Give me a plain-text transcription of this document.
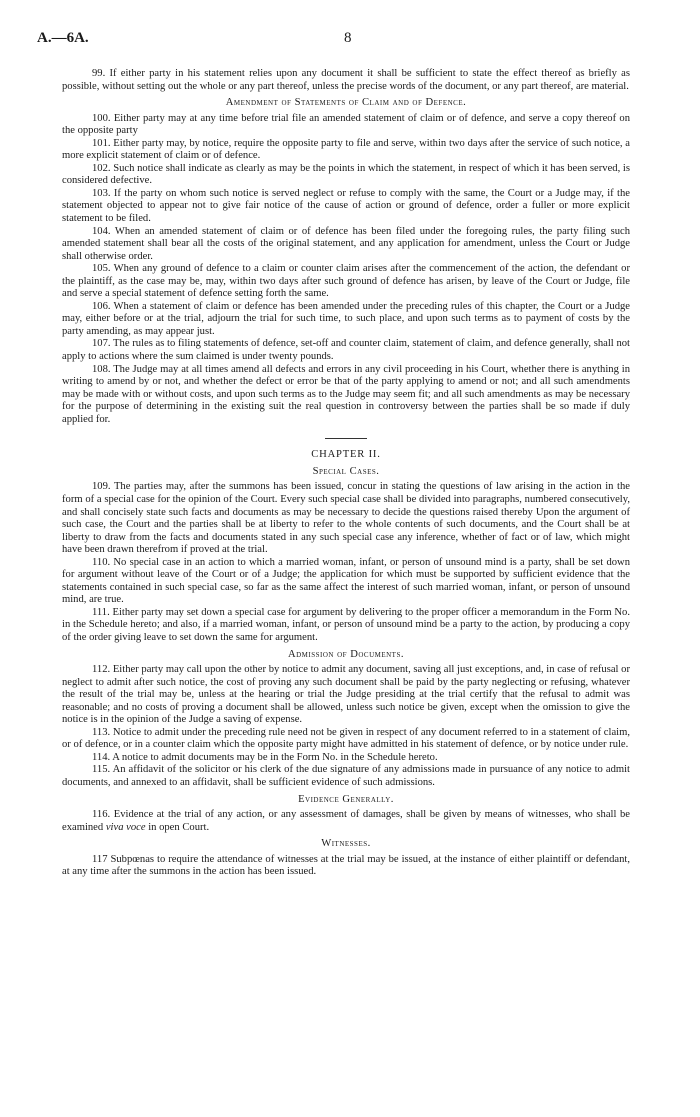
A.—6A.	8

99. If either party in his statement relies upon any document it shall be sufficient to state the effect thereof as briefly as possible, without setting out the whole or any part thereof, unless the precise words of the document, or any part thereof, are material.

Amendment of Statements of Claim and of Defence.

100. Either party may at any time before trial file an amended statement of claim or of defence, and serve a copy thereof on the opposite party

101. Either party may, by notice, require the opposite party to file and serve, within two days after the service of such notice, a more explicit statement of claim or of defence.

102. Such notice shall indicate as clearly as may be the points in which the statement, in respect of which it has been served, is considered defective.

103. If the party on whom such notice is served neglect or refuse to comply with the same, the Court or a Judge may, if the statement objected to appear not to give fair notice of the cause of action or ground of defence, order a fuller or more explicit statement to be filed.

104. When an amended statement of claim or of defence has been filed under the foregoing rules, the party filing such amended statement shall bear all the costs of the original statement, and any application for amendment, unless the Court or Judge shall otherwise order.

105. When any ground of defence to a claim or counter claim arises after the commencement of the action, the defendant or the plaintiff, as the case may be, may, within two days after such ground of defence has arisen, by leave of the Court or Judge, file and serve a special statement of defence setting forth the same.

106. When a statement of claim or defence has been amended under the preceding rules of this chapter, the Court or a Judge may, either before or at the trial, adjourn the trial for such time, to such place, and upon such terms as to payment of costs by the party amending, as may appear just.

107. The rules as to filing statements of defence, set-off and counter claim, statement of claim, and defence generally, shall not apply to actions where the sum claimed is under twenty pounds.

108. The Judge may at all times amend all defects and errors in any civil proceeding in his Court, whether there is anything in writing to amend by or not, and whether the defect or error be that of the party applying to amend or not; and all such amendments may be made with or without costs, and upon such terms as to the Judge may seem fit; and all such amendments as may be necessary for the purpose of determining in the existing suit the real question in controversy between the parties shall be so made if duly applied for.

CHAPTER II.

Special Cases.

109. The parties may, after the summons has been issued, concur in stating the questions of law arising in the action in the form of a special case for the opinion of the Court. Every such special case shall be divided into paragraphs, numbered consecutively, and shall concisely state such facts and documents as may be necessary to decide the questions raised thereby Upon the argument of such case, the Court and the parties shall be at liberty to refer to the whole contents of such documents, and the Court shall be at liberty to draw from the facts and documents stated in any such special case any inference, whether of fact or of law, which might have been drawn therefrom if proved at the trial.

110. No special case in an action to which a married woman, infant, or person of unsound mind is a party, shall be set down for argument without leave of the Court or of a Judge; the application for which must be supported by sufficient evidence that the statements contained in such special case, so far as the same affect the interest of such married woman, infant, or person of unsound mind, are true.

111. Either party may set down a special case for argument by delivering to the proper officer a memorandum in the Form No. in the Schedule hereto; and also, if a married woman, infant, or person of unsound mind be a party to the action, by producing a copy of the order giving leave to set down the same for argument.

Admission of Documents.

112. Either party may call upon the other by notice to admit any document, saving all just exceptions, and, in case of refusal or neglect to admit after such notice, the cost of proving any such document shall be paid by the party neglecting or refusing, whatever the result of the trial may be, unless at the hearing or trial the Judge presiding at the trial certify that the refusal to admit was reasonable; and no costs of proving a document shall be allowed, unless such notice be given, except when the omission to give the notice is in the opinion of the Judge a saving of expense.

113. Notice to admit under the preceding rule need not be given in respect of any document referred to in a statement of claim, or of defence, or in a counter claim which the opposite party might have admitted in his statement of defence, or by notice under rule.

114. A notice to admit documents may be in the Form No. in the Schedule hereto.

115. An affidavit of the solicitor or his clerk of the due signature of any admissions made in pursuance of any notice to admit documents, and annexed to an affidavit, shall be sufficient evidence of such admissions.

Evidence Generally.

116. Evidence at the trial of any action, or any assessment of damages, shall be given by means of witnesses, who shall be examined viva voce in open Court.

Witnesses.

117 Subpœnas to require the attendance of witnesses at the trial may be issued, at the instance of either plaintiff or defendant, at any time after the summons in the action has been issued.
